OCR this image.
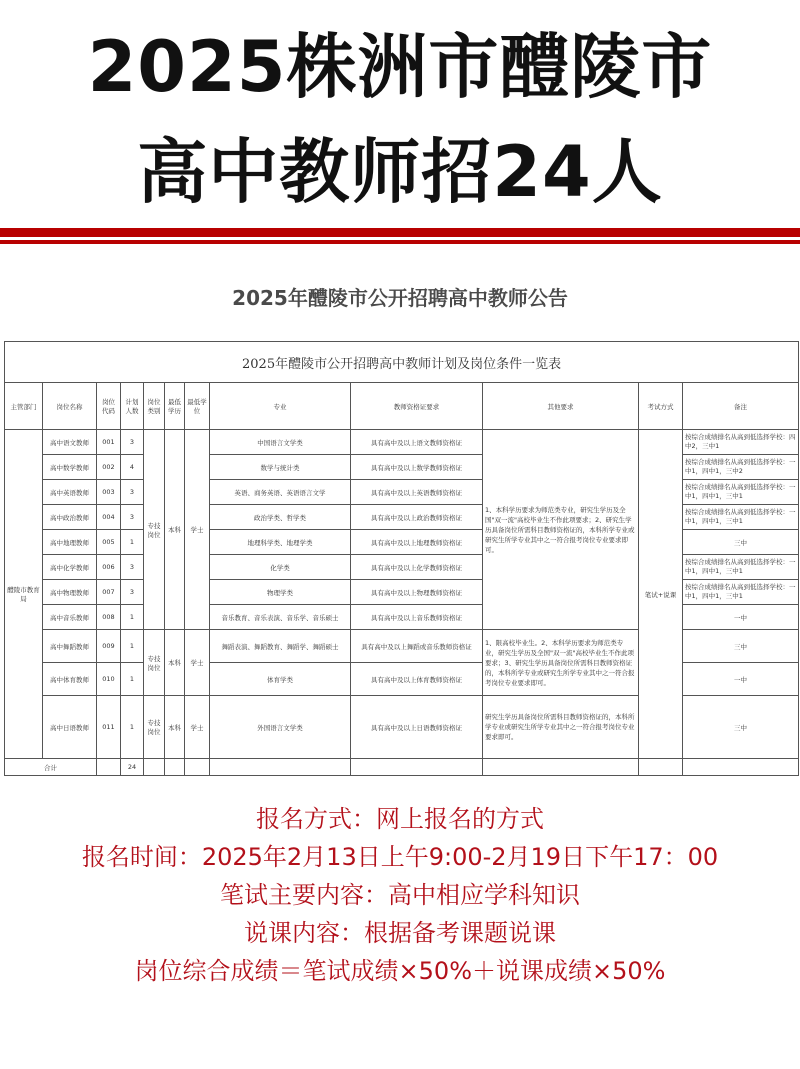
2025株洲市醴陵市
高中教师招24人
2025年醴陵市公开招聘高中教师公告
2025年醴陵市公开招聘高中教师计划及岗位条件一览表											
主管部门	岗位名称	岗位代码	计划人数	岗位类别	最低学历	最低学位	专业	教师资格证要求	其他要求	考试方式	备注
醴陵市教育局	高中语文教师	001	3	专技岗位	本科	学士	中国语言文学类	具有高中及以上语文教师资格证	1、本科学历要求为师范类专业，研究生学历及全国"双一流"高校毕业生不作此项要求；2、研究生学历具备岗位所需科目教师资格证的，本科所学专业或研究生所学专业其中之一符合报考岗位专业要求即可。	笔试+说课	按综合成绩排名从高到低选择学校：四中2，三中1
	高中数学教师	002	4				数学与统计类	具有高中及以上数学教师资格证			按综合成绩排名从高到低选择学校：一中1，四中1，三中2
	高中英语教师	003	3				英语、商务英语、英语语言文学	具有高中及以上英语教师资格证			按综合成绩排名从高到低选择学校：一中1，四中1，三中1
	高中政治教师	004	3				政治学类、哲学类	具有高中及以上政治教师资格证			按综合成绩排名从高到低选择学校：一中1，四中1，三中1
	高中地理教师	005	1				地理科学类、地理学类	具有高中及以上地理教师资格证			三中
	高中化学教师	006	3				化学类	具有高中及以上化学教师资格证			按综合成绩排名从高到低选择学校：一中1，四中1，三中1
	高中物理教师	007	3				物理学类	具有高中及以上物理教师资格证			按综合成绩排名从高到低选择学校：一中1，四中1，三中1
	高中音乐教师	008	1				音乐教育、音乐表演、音乐学、音乐硕士	具有高中及以上音乐教师资格证			一中
	高中舞蹈教师	009	1	专技岗位	本科	学士	舞蹈表演、舞蹈教育、舞蹈学、舞蹈硕士	具有高中及以上舞蹈或音乐教师资格证	1、限高校毕业生。2、本科学历要求为师范类专业，研究生学历及全国"双一流"高校毕业生不作此项要求；3、研究生学历具备岗位所需科目教师资格证的，本科所学专业或研究生所学专业其中之一符合报考岗位专业要求即可。		三中
	高中体育教师	010	1				体育学类	具有高中及以上体育教师资格证			一中
	高中日语教师	011	1	专技岗位	本科	学士	外国语言文学类	具有高中及以上日语教师资格证	研究生学历具备岗位所需科目教师资格证的，本科所学专业或研究生所学专业其中之一符合报考岗位专业要求即可。		三中
合计			24								
报名方式：网上报名的方式
报名时间：2025年2月13日上午9:00-2月19日下午17：00
笔试主要内容：高中相应学科知识
说课内容：根据备考课题说课
岗位综合成绩＝笔试成绩×50%＋说课成绩×50%
